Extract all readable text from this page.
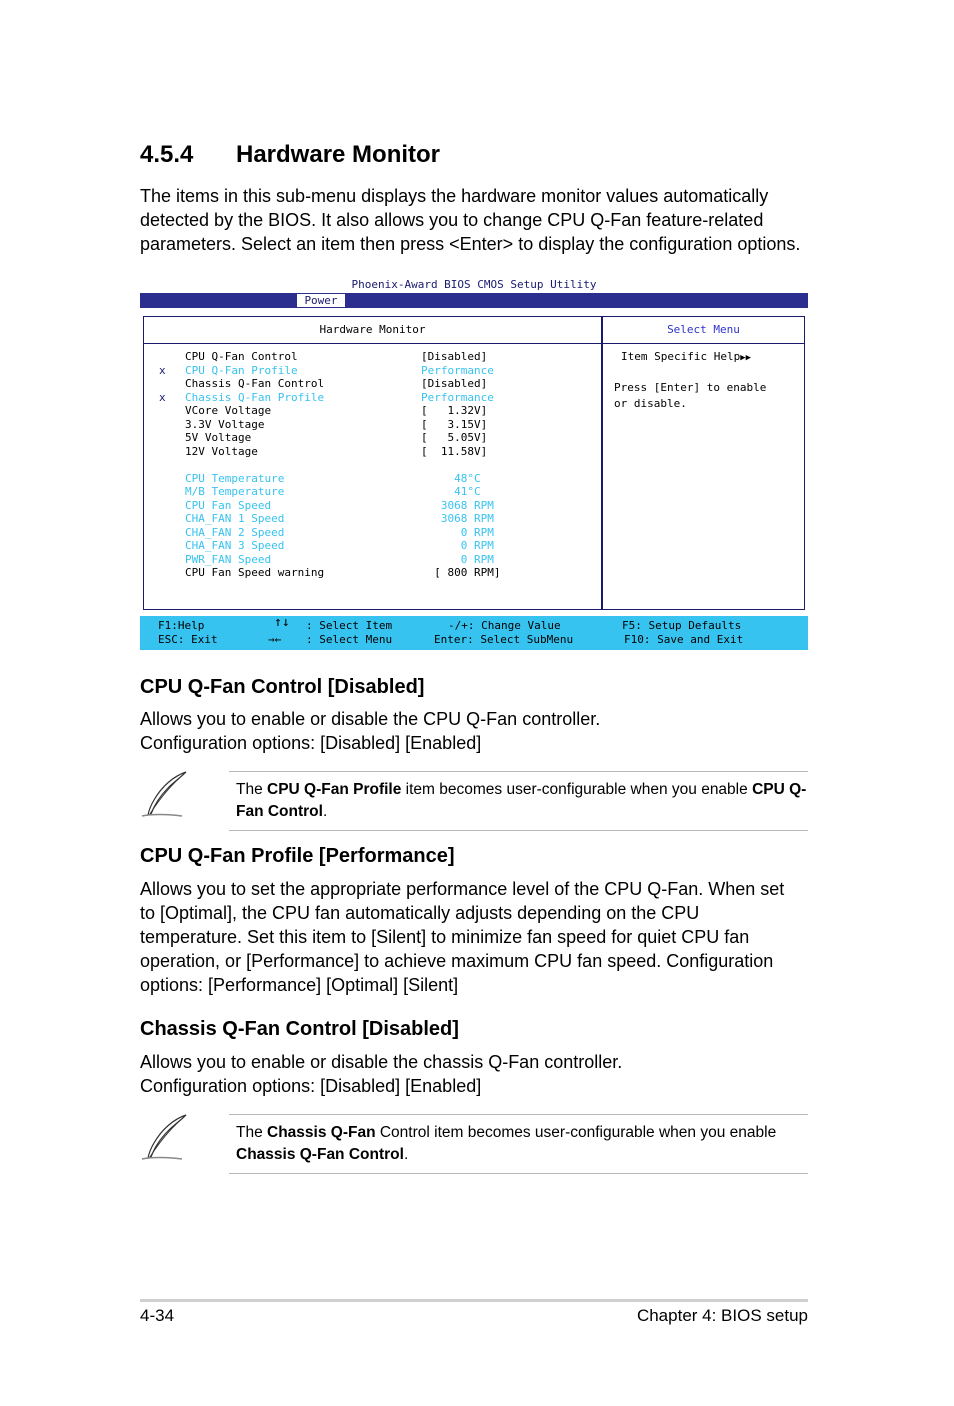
4.5.4 Hardware Monitor
The items in this sub-menu displays the hardware monitor values automatically detected by the BIOS. It also allows you to change CPU Q-Fan feature-related parameters. Select an item then press <Enter> to display the configuration options.
Phoenix-Award BIOS CMOS Setup Utility
Power
Hardware Monitor
CPU Q-Fan Control	[Disabled]
x CPU Q-Fan Profile	Performance
Chassis Q-Fan Control	[Disabled]
x Chassis Q-Fan Profile	Performance
VCore Voltage	[   1.32V]
3.3V Voltage	[   3.15V]
5V Voltage	[   5.05V]
12V Voltage	[  11.58V]
CPU Temperature	48°C
M/B Temperature	41°C
CPU Fan Speed	3068 RPM
CHA_FAN 1 Speed	3068 RPM
CHA_FAN 2 Speed	0 RPM
CHA_FAN 3 Speed	0 RPM
PWR_FAN Speed	0 RPM
CPU Fan Speed warning	[ 800 RPM]
Select Menu
Item Specific Help▶▶
Press [Enter] to enable
or disable.
F1:Help
ESC: Exit
↑↓
→←
: Select Item
: Select Menu
-/+: Change Value
Enter: Select SubMenu
F5: Setup Defaults
F10: Save and Exit
CPU Q-Fan Control [Disabled]
Allows you to enable or disable the CPU Q-Fan controller. Configuration options: [Disabled] [Enabled]
The CPU Q-Fan Profile item becomes user-configurable when you enable CPU Q-Fan Control.
CPU Q-Fan Profile [Performance]
Allows you to set the appropriate performance level of the CPU Q-Fan. When set to [Optimal], the CPU fan automatically adjusts depending on the CPU temperature. Set this item to [Silent] to minimize fan speed for quiet CPU fan operation, or [Performance] to achieve maximum CPU fan speed. Configuration options: [Performance] [Optimal] [Silent]
Chassis Q-Fan Control [Disabled]
Allows you to enable or disable the chassis Q-Fan controller. Configuration options: [Disabled] [Enabled]
The Chassis Q-Fan Control item becomes user-configurable when you enable Chassis Q-Fan Control.
4-34	Chapter 4: BIOS setup
